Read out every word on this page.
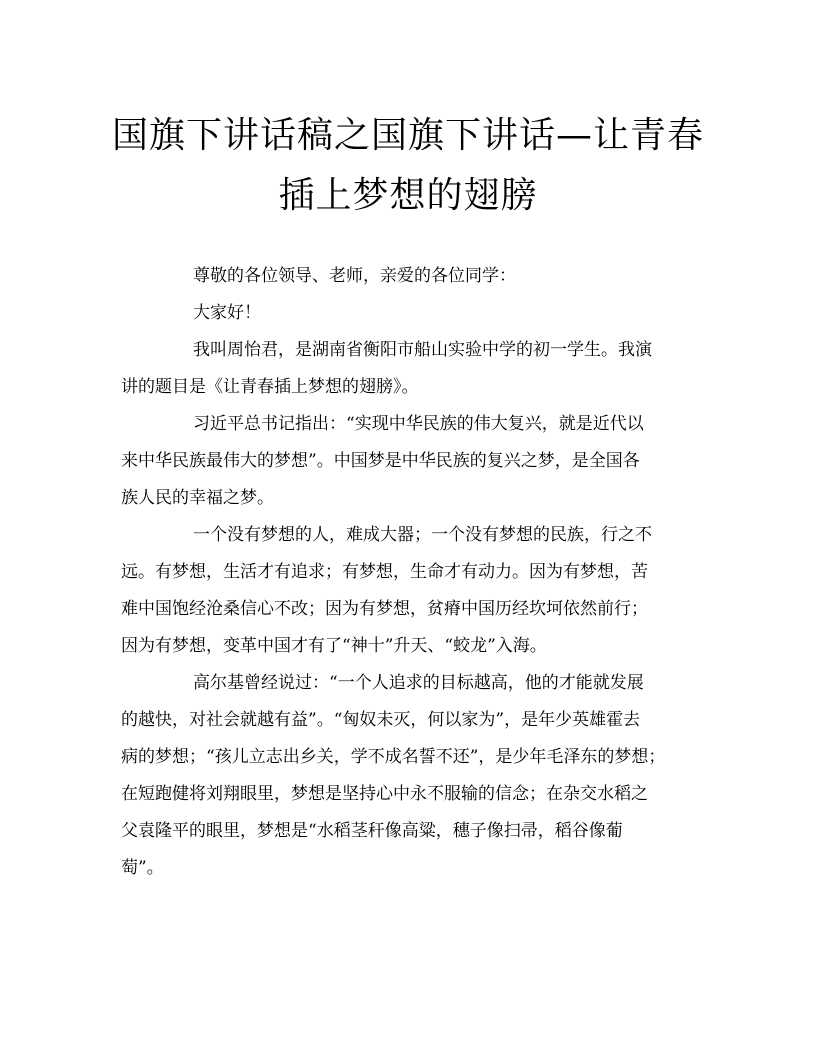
国旗下讲话稿之国旗下讲话—让青春
插上梦想的翅膀
尊敬的各位领导、老师，亲爱的各位同学：
大家好！
我叫周怡君，是湖南省衡阳市船山实验中学的初一学生。我演
讲的题目是《让青春插上梦想的翅膀》。
习近平总书记指出：“实现中华民族的伟大复兴，就是近代以
来中华民族最伟大的梦想”。中国梦是中华民族的复兴之梦，是全国各
族人民的幸福之梦。
一个没有梦想的人，难成大器；一个没有梦想的民族，行之不
远。有梦想，生活才有追求；有梦想，生命才有动力。因为有梦想，苦
难中国饱经沧桑信心不改；因为有梦想，贫瘠中国历经坎坷依然前行；
因为有梦想，变革中国才有了“神十”升天、“蛟龙”入海。
高尔基曾经说过：“一个人追求的目标越高，他的才能就发展
的越快，对社会就越有益”。“匈奴未灭，何以家为”，是年少英雄霍去
病的梦想；“孩儿立志出乡关，学不成名誓不还”，是少年毛泽东的梦想；
在短跑健将刘翔眼里，梦想是坚持心中永不服输的信念；在杂交水稻之
父袁隆平的眼里，梦想是“水稻茎秆像高粱，穗子像扫帚，稻谷像葡
萄”。
